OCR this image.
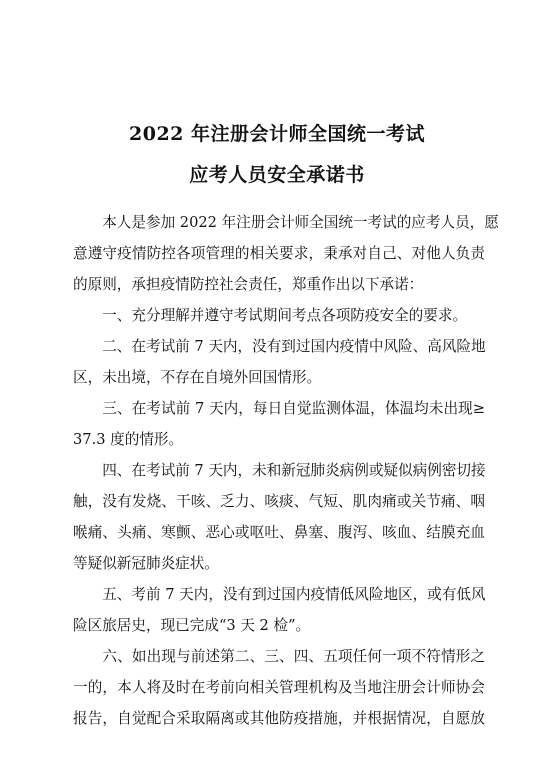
2022 年注册会计师全国统一考试
应考人员安全承诺书
　　本人是参加 2022 年注册会计师全国统一考试的应考人员，愿
意遵守疫情防控各项管理的相关要求，秉承对自己、对他人负责
的原则，承担疫情防控社会责任，郑重作出以下承诺：
　　一、充分理解并遵守考试期间考点各项防疫安全的要求。
　　二、在考试前 7 天内，没有到过国内疫情中风险、高风险地
区，未出境，不存在自境外回国情形。
　　三、在考试前 7 天内，每日自觉监测体温，体温均未出现≥
37.3 度的情形。
　　四、在考试前 7 天内，未和新冠肺炎病例或疑似病例密切接
触，没有发烧、干咳、乏力、咳痰、气短、肌肉痛或关节痛、咽
喉痛、头痛、寒颤、恶心或呕吐、鼻塞、腹泻、咳血、结膜充血
等疑似新冠肺炎症状。
　　五、考前 7 天内，没有到过国内疫情低风险地区，或有低风
险区旅居史，现已完成“3 天 2 检”。
　　六、如出现与前述第二、三、四、五项任何一项不符情形之
一的，本人将及时在考前向相关管理机构及当地注册会计师协会
报告，自觉配合采取隔离或其他防疫措施，并根据情况，自愿放
